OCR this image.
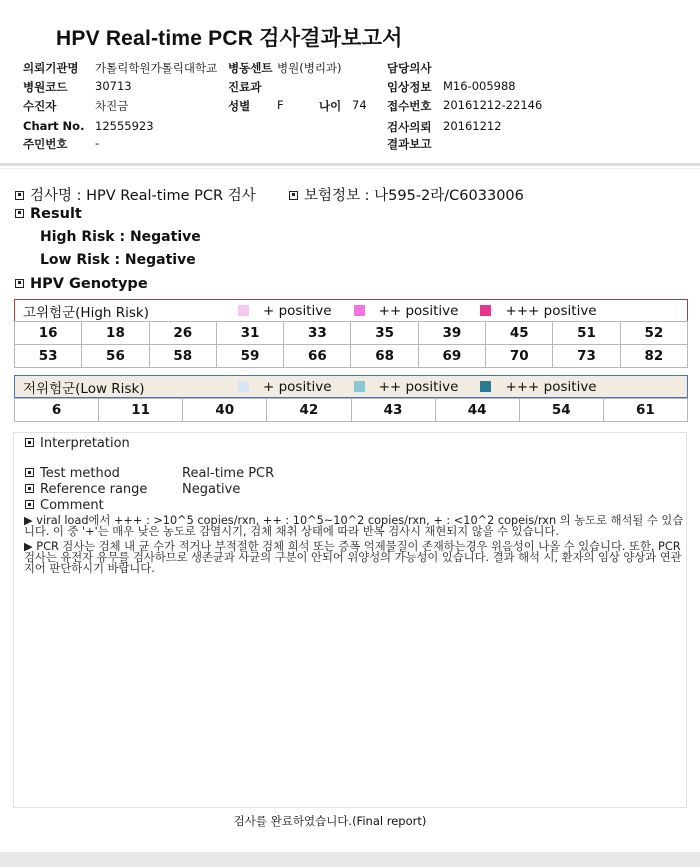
HPV Real-time PCR 검사결과보고서
의뢰기관명 가톨릭학원가톨릭대학교 병동센트 병원(병리과)	담당의사
병원코드 30713	진료과	임상정보 M16-005988
수진자	차진금	성별 F	나이 74 접수번호 20161212-22146
Chart No. 12555923	검사의뢰 20161212
주민번호 -	결과보고
검사명 : HPV Real-time PCR 검사	보험정보 : 나595-2라/C6033006
Result
High Risk : Negative
Low Risk : Negative
HPV Genotype
고위험군(High Risk)	+ positive	++ positive	+++ positive
16	18	26	31	33	35	39	45	51	52
53	56	58	59	66	68	69	70	73	82
저위험군(Low Risk)	+ positive	++ positive	+++ positive
6	11	40	42	43	44	54	61
Interpretation
Test method	Real-time PCR
Reference range	Negative
Comment
▶ viral load에서 +++ : >10^5 copies/rxn, ++ : 10^5~10^2 copies/rxn, + : <10^2 copeis/rxn 의 농도로 해석될 수 있습니다. 이 중 '+'는 매우 낮은 농도로 감염시기, 검체 채취 상태에 따라 반복 검사시 재현되지 않을 수 있습니다.
▶ PCR 검사는 검체 내 균 수가 적거나 부적절한 검체 희석 또는 증폭 억제물질이 존재하는경우 위음성이 나올 수 있습니다. 또한, PCR 검사는 유전자 유무를 검사하므로 생존균과 사균의 구분이 안되어 위양성의 가능성이 있습니다. 결과 해석 시, 환자의 임상 양상과 연관지어 판단하시기 바랍니다.
검사를 완료하였습니다.(Final report)
